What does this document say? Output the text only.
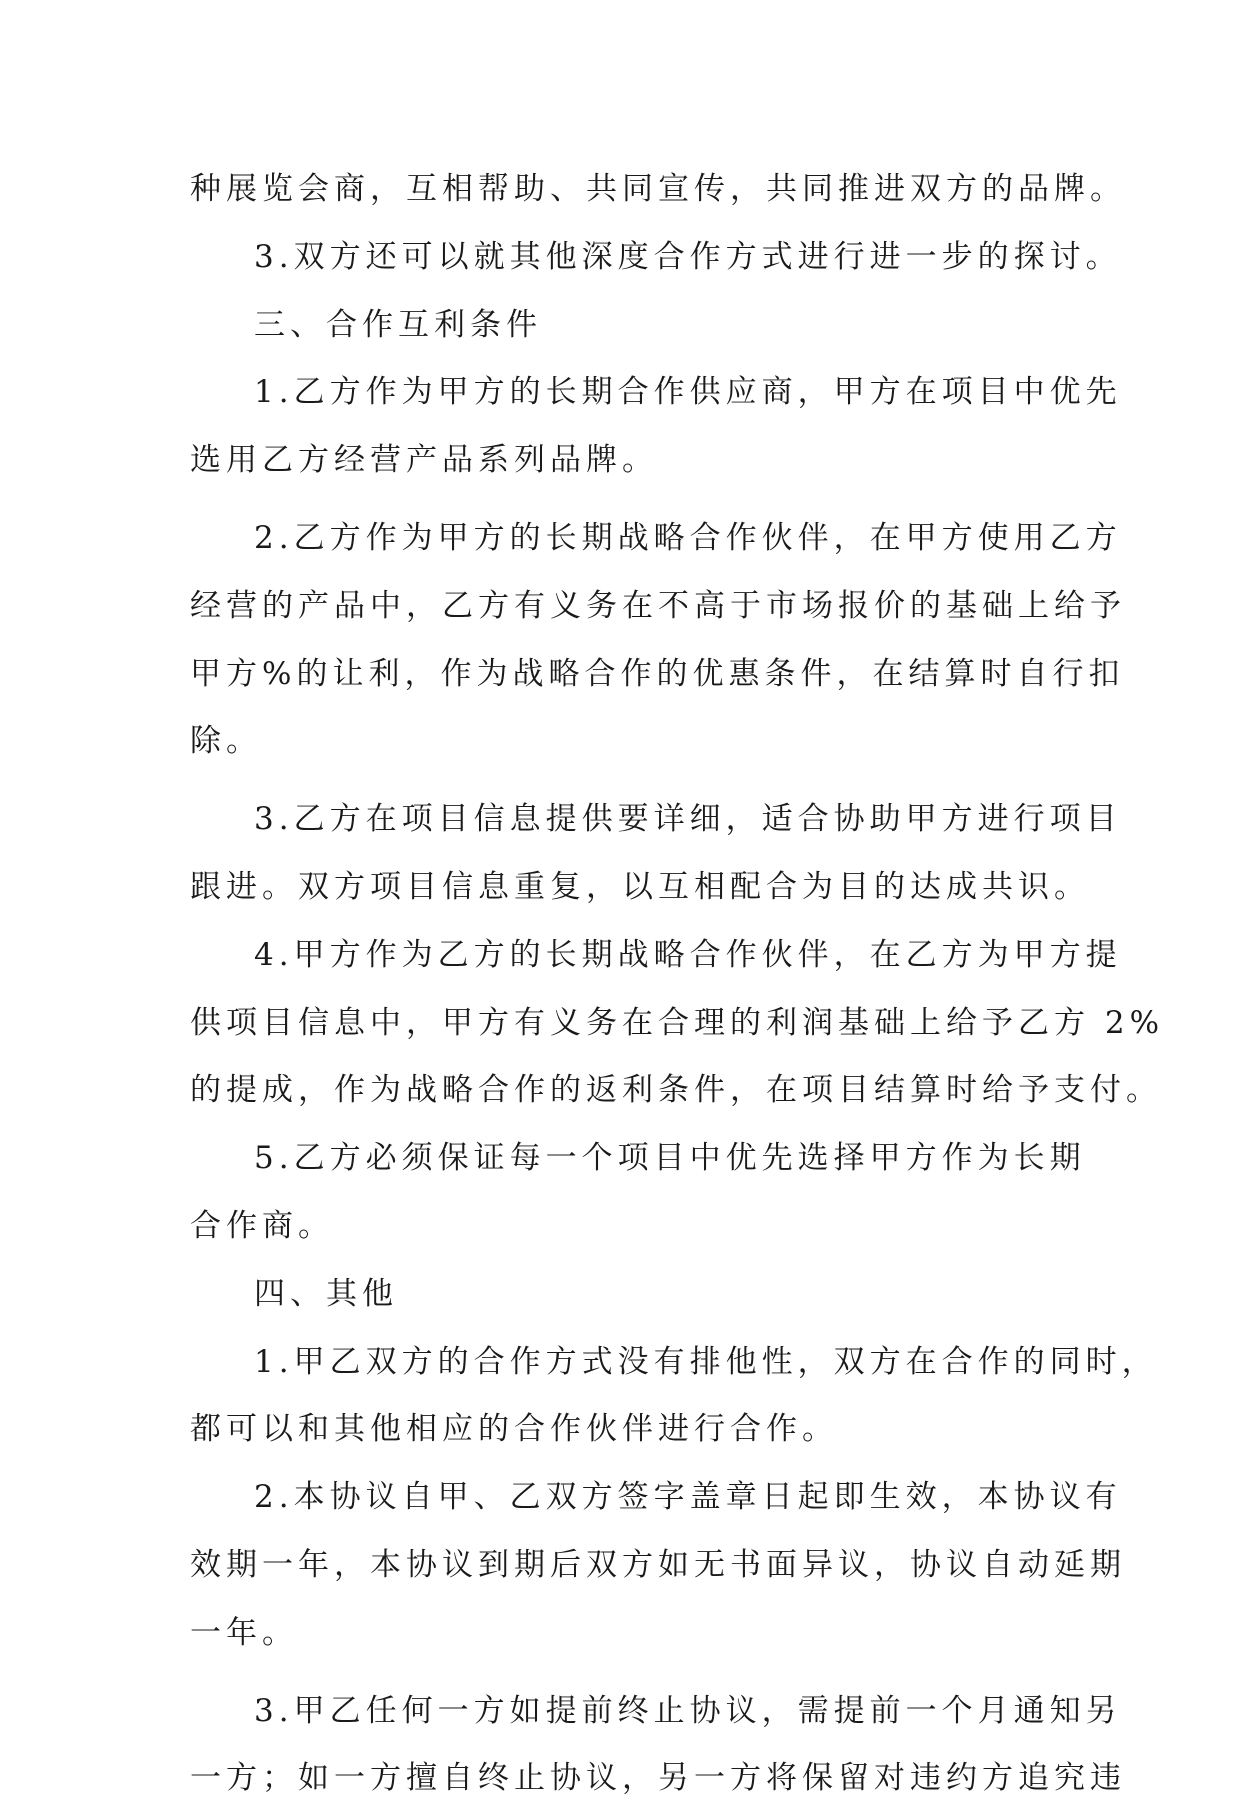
种展览会商，互相帮助、共同宣传，共同推进双方的品牌。
3.双方还可以就其他深度合作方式进行进一步的探讨。
三、合作互利条件
1.乙方作为甲方的长期合作供应商，甲方在项目中优先
选用乙方经营产品系列品牌。
2.乙方作为甲方的长期战略合作伙伴，在甲方使用乙方
经营的产品中，乙方有义务在不高于市场报价的基础上给予
甲方%的让利，作为战略合作的优惠条件，在结算时自行扣
除。
3.乙方在项目信息提供要详细，适合协助甲方进行项目
跟进。双方项目信息重复，以互相配合为目的达成共识。
4.甲方作为乙方的长期战略合作伙伴，在乙方为甲方提
供项目信息中，甲方有义务在合理的利润基础上给予乙方 2%
的提成，作为战略合作的返利条件，在项目结算时给予支付。
5.乙方必须保证每一个项目中优先选择甲方作为长期
合作商。
四、其他
1.甲乙双方的合作方式没有排他性，双方在合作的同时，
都可以和其他相应的合作伙伴进行合作。
2.本协议自甲、乙双方签字盖章日起即生效，本协议有
效期一年，本协议到期后双方如无书面异议，协议自动延期
一年。
3.甲乙任何一方如提前终止协议，需提前一个月通知另
一方；如一方擅自终止协议，另一方将保留对违约方追究违
